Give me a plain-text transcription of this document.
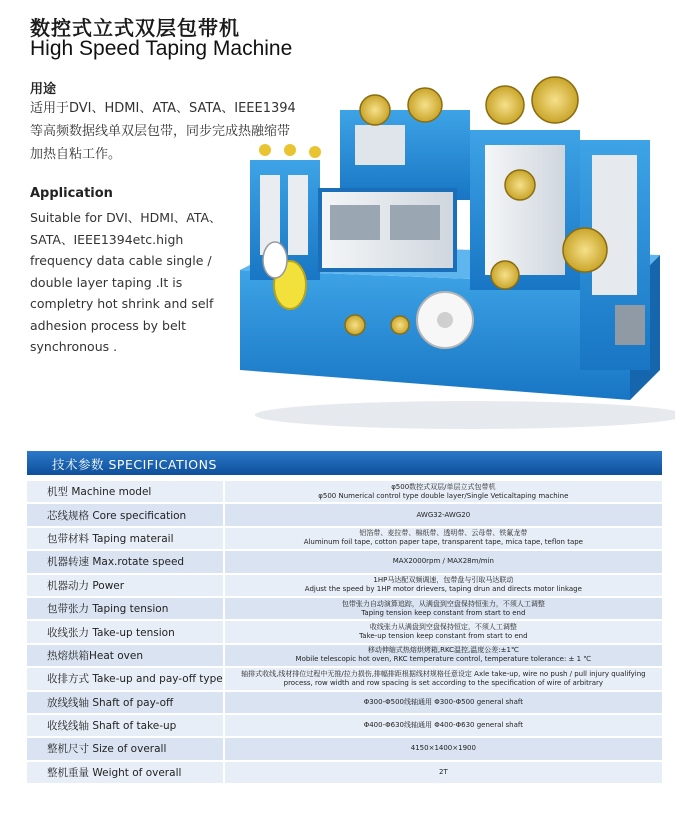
数控式立式双层包带机
High Speed Taping Machine
用途
适用于DVI、HDMI、ATA、SATA、IEEE1394等高频数据线单双层包带，同步完成热融缩带加热自粘工作。
Application
Suitable for DVI、HDMI、ATA、SATA、IEEE1394etc.high frequency data cable single / double layer taping .It is completry hot shrink and self adhesion process by belt synchronous .
技术参数 SPECIFICATIONS
机型 Machine model	φ500数控式双层/单层立式包带机
φ500 Numerical control type double layer/Single Veticaltaping machine

芯线规格 Core specification	AWG32-AWG20

包带材料 Taping materail	铝箔带、麦拉带、棉纸带、透明带、云母带、铁氟龙带
Aluminum foil tape, cotton paper tape, transparent tape, mica tape, teflon tape

机器转速 Max.rotate speed	MAX2000rpm / MAX28m/min

机器动力 Power	1HP马达配双频调速，包带盘与引取马达联动
Adjust the speed by 1HP motor drievers, taping drun and directs motor linkage

包带张力 Taping tension	包带张力自动演算追踪，从满盘到空盘保持恒张力，不须人工调整
Taping tension keep constant from start to end

收线张力 Take-up tension	收线张力从满盘到空盘保持恒定，不须人工调整
Take-up tension keep constant from start to end

热熔烘箱Heat oven	移动伸缩式热熔烘烤箱,RKC温控,温度公差:±1℃
Mobile telescopic hot oven, RKC temperature control, temperature tolerance: ± 1 ℃

收排方式 Take-up and pay-off type	轴排式收线,线材排位过程中无推/拉力损伤,排幅排距根据线材规格任意设定 Axle take-up, wire no push / pull injury qualifying
process, row width and row spacing is set according to the specification of wire of arbitrary

放线线轴 Shaft of pay-off	Φ300-Φ500线轴通用 Φ300-Φ500 general shaft

收线线轴 Shaft of take-up	Φ400-Φ630线轴通用 Φ400-Φ630 general shaft

整机尺寸 Size of overall	4150×1400×1900

整机重量 Weight of overall	2T
